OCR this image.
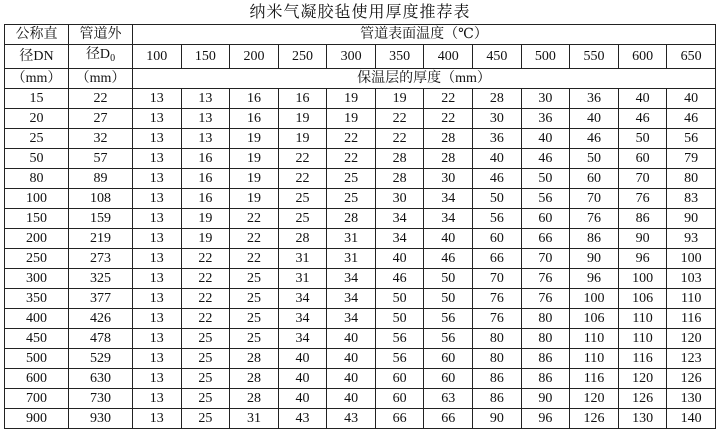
纳米气凝胶毡使用厚度推荐表
公称直	管道外	管道表面温度（℃）											
径DN	径$D_0$	100	150	200	250	300	350	400	450	500	550	600	650
（mm）	（mm）	保温层的厚度（mm）											
15	22	13	13	16	16	19	19	22	28	30	36	40	40
20	27	13	13	16	19	19	22	22	30	36	40	46	46
25	32	13	13	19	19	22	22	28	36	40	46	50	56
50	57	13	16	19	22	22	28	28	40	46	50	60	79
80	89	13	16	19	22	25	28	30	46	50	60	70	80
100	108	13	16	19	25	25	30	34	50	56	70	76	83
150	159	13	19	22	25	28	34	34	56	60	76	86	90
200	219	13	19	22	28	31	34	40	60	66	86	90	93
250	273	13	22	22	31	31	40	46	66	70	90	96	100
300	325	13	22	25	31	34	46	50	70	76	96	100	103
350	377	13	22	25	34	34	50	50	76	76	100	106	110
400	426	13	22	25	34	34	50	56	76	80	106	110	116
450	478	13	25	25	34	40	56	56	80	80	110	110	120
500	529	13	25	28	40	40	56	60	80	86	110	116	123
600	630	13	25	28	40	40	60	60	86	86	116	120	126
700	730	13	25	28	40	40	60	63	86	90	120	126	130
900	930	13	25	31	43	43	66	66	90	96	126	130	140
